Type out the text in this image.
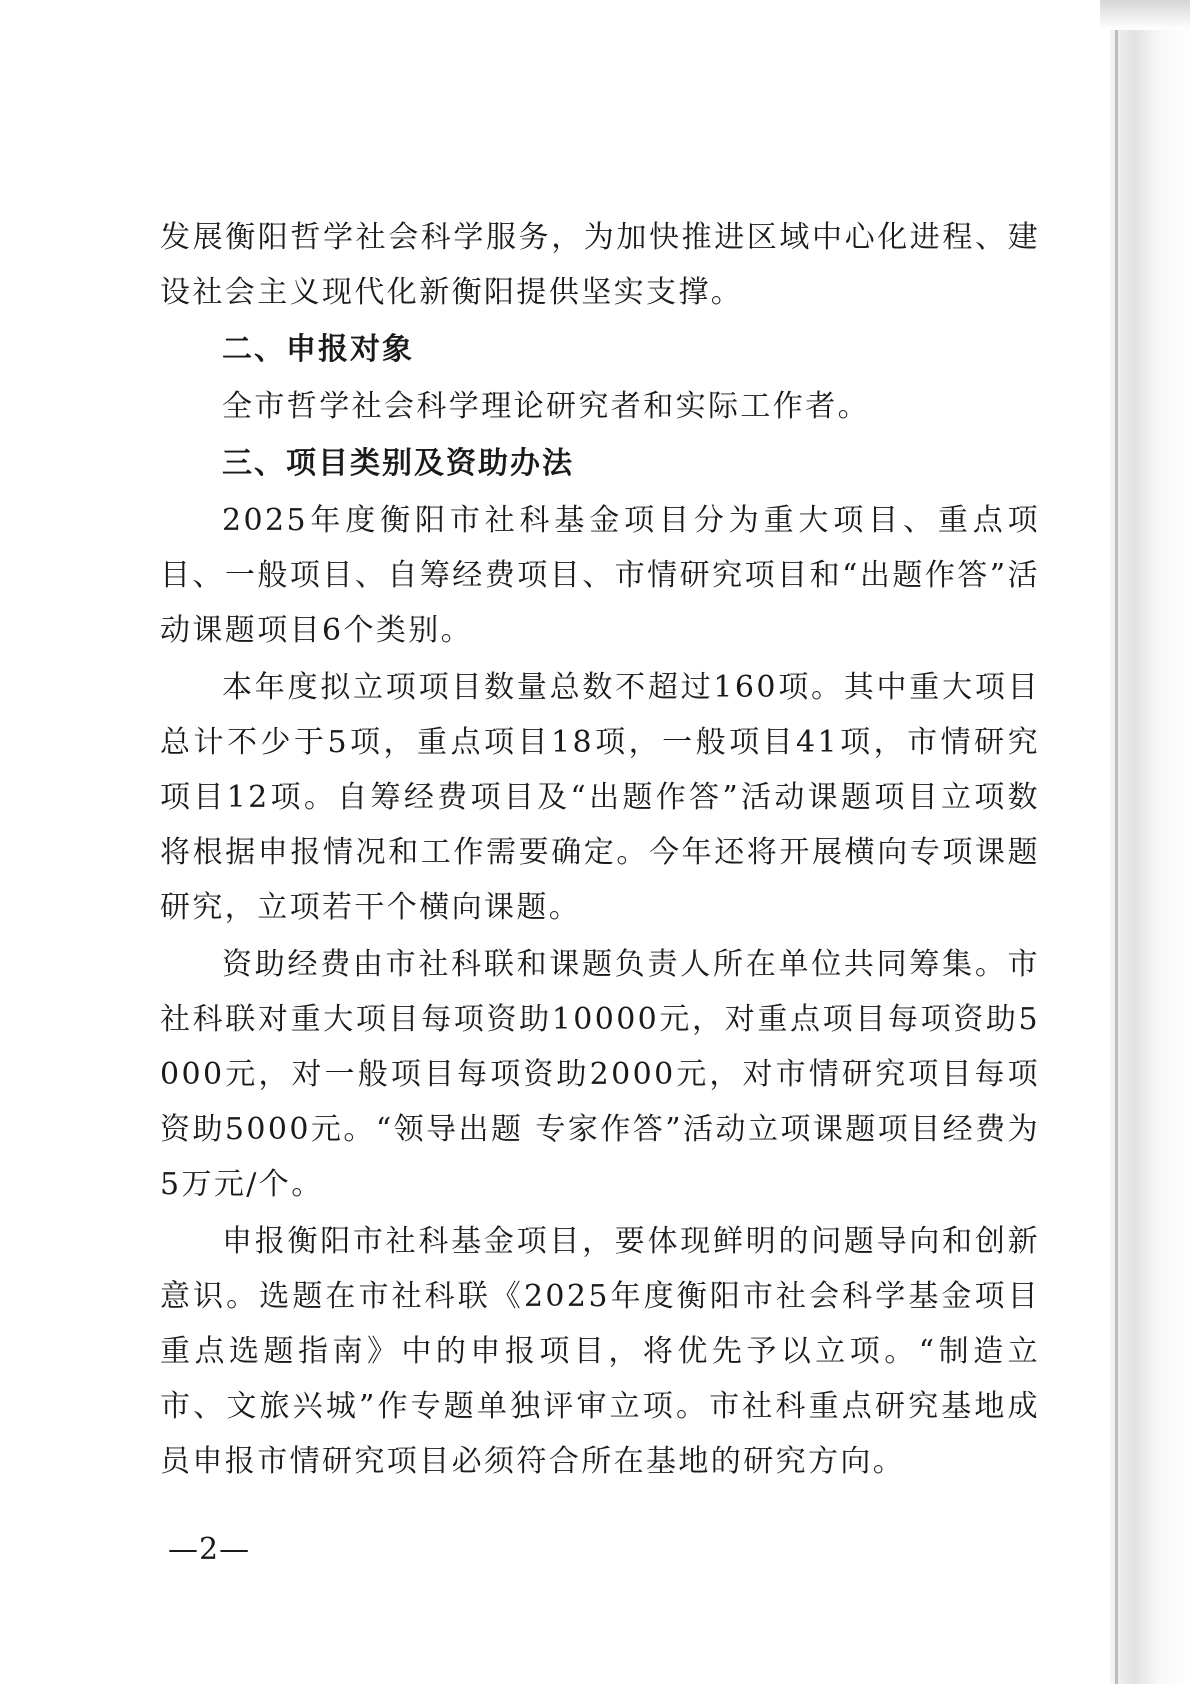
发展衡阳哲学社会科学服务，为加快推进区域中心化进程、建设社会主义现代化新衡阳提供坚实支撑。

二、申报对象

全市哲学社会科学理论研究者和实际工作者。

三、项目类别及资助办法

2025年度衡阳市社科基金项目分为重大项目、重点项目、一般项目、自筹经费项目、市情研究项目和“出题作答”活动课题项目6个类别。

本年度拟立项项目数量总数不超过160项。其中重大项目总计不少于5项，重点项目18项，一般项目41项，市情研究项目12项。自筹经费项目及“出题作答”活动课题项目立项数将根据申报情况和工作需要确定。今年还将开展横向专项课题研究，立项若干个横向课题。

资助经费由市社科联和课题负责人所在单位共同筹集。市社科联对重大项目每项资助10000元，对重点项目每项资助5000元，对一般项目每项资助2000元，对市情研究项目每项资助5000元。“领导出题 专家作答”活动立项课题项目经费为5万元/个。

申报衡阳市社科基金项目，要体现鲜明的问题导向和创新意识。选题在市社科联《2025年度衡阳市社会科学基金项目重点选题指南》中的申报项目，将优先予以立项。“制造立市、文旅兴城”作专题单独评审立项。市社科重点研究基地成员申报市情研究项目必须符合所在基地的研究方向。

—2—
